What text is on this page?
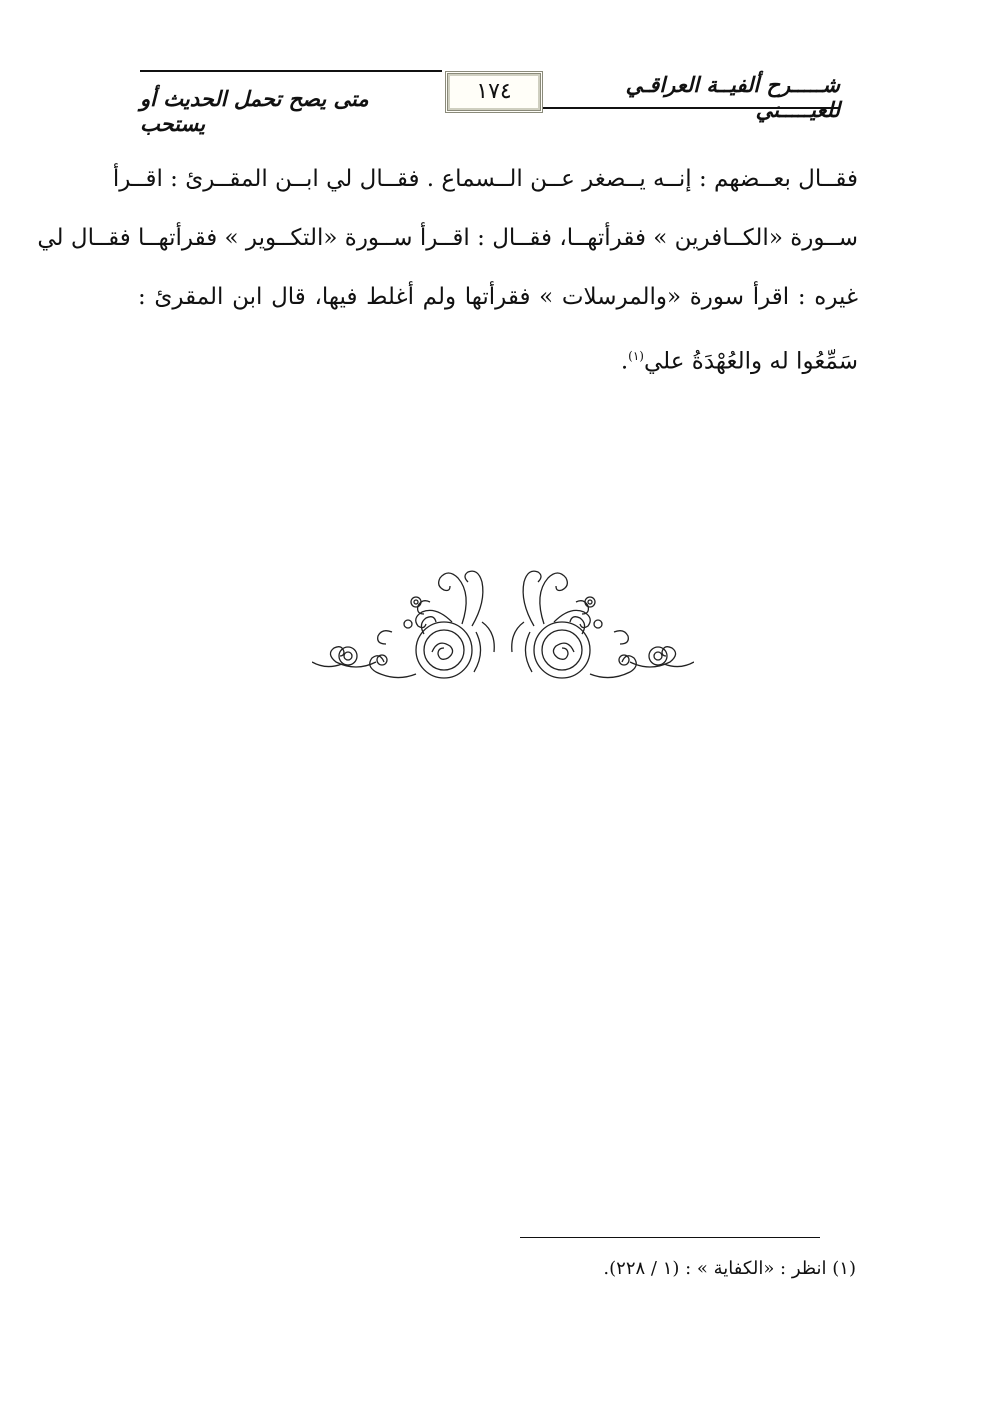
شـــــرح ألفيــة العراقـي للعيـــــني
١٧٤
متى يصح تحمل الحديث أو يستحب
فقــال بعــضهم : إنــه يــصغر عــن الــسماع . فقــال لي ابــن المقــرئ : اقــرأ
ســورة «الكــافرين » فقرأتهــا، فقــال : اقــرأ ســورة «التكــوير » فقرأتهــا فقــال لي
غيره : اقرأ سورة «والمرسلات » فقرأتها ولم أغلط فيها، قال ابن المقرئ :
سَمِّعُوا له والعُهْدَةُ علي$^{(١)}$.
(١) انظر : «الكفاية » : (١ / ٢٢٨).
